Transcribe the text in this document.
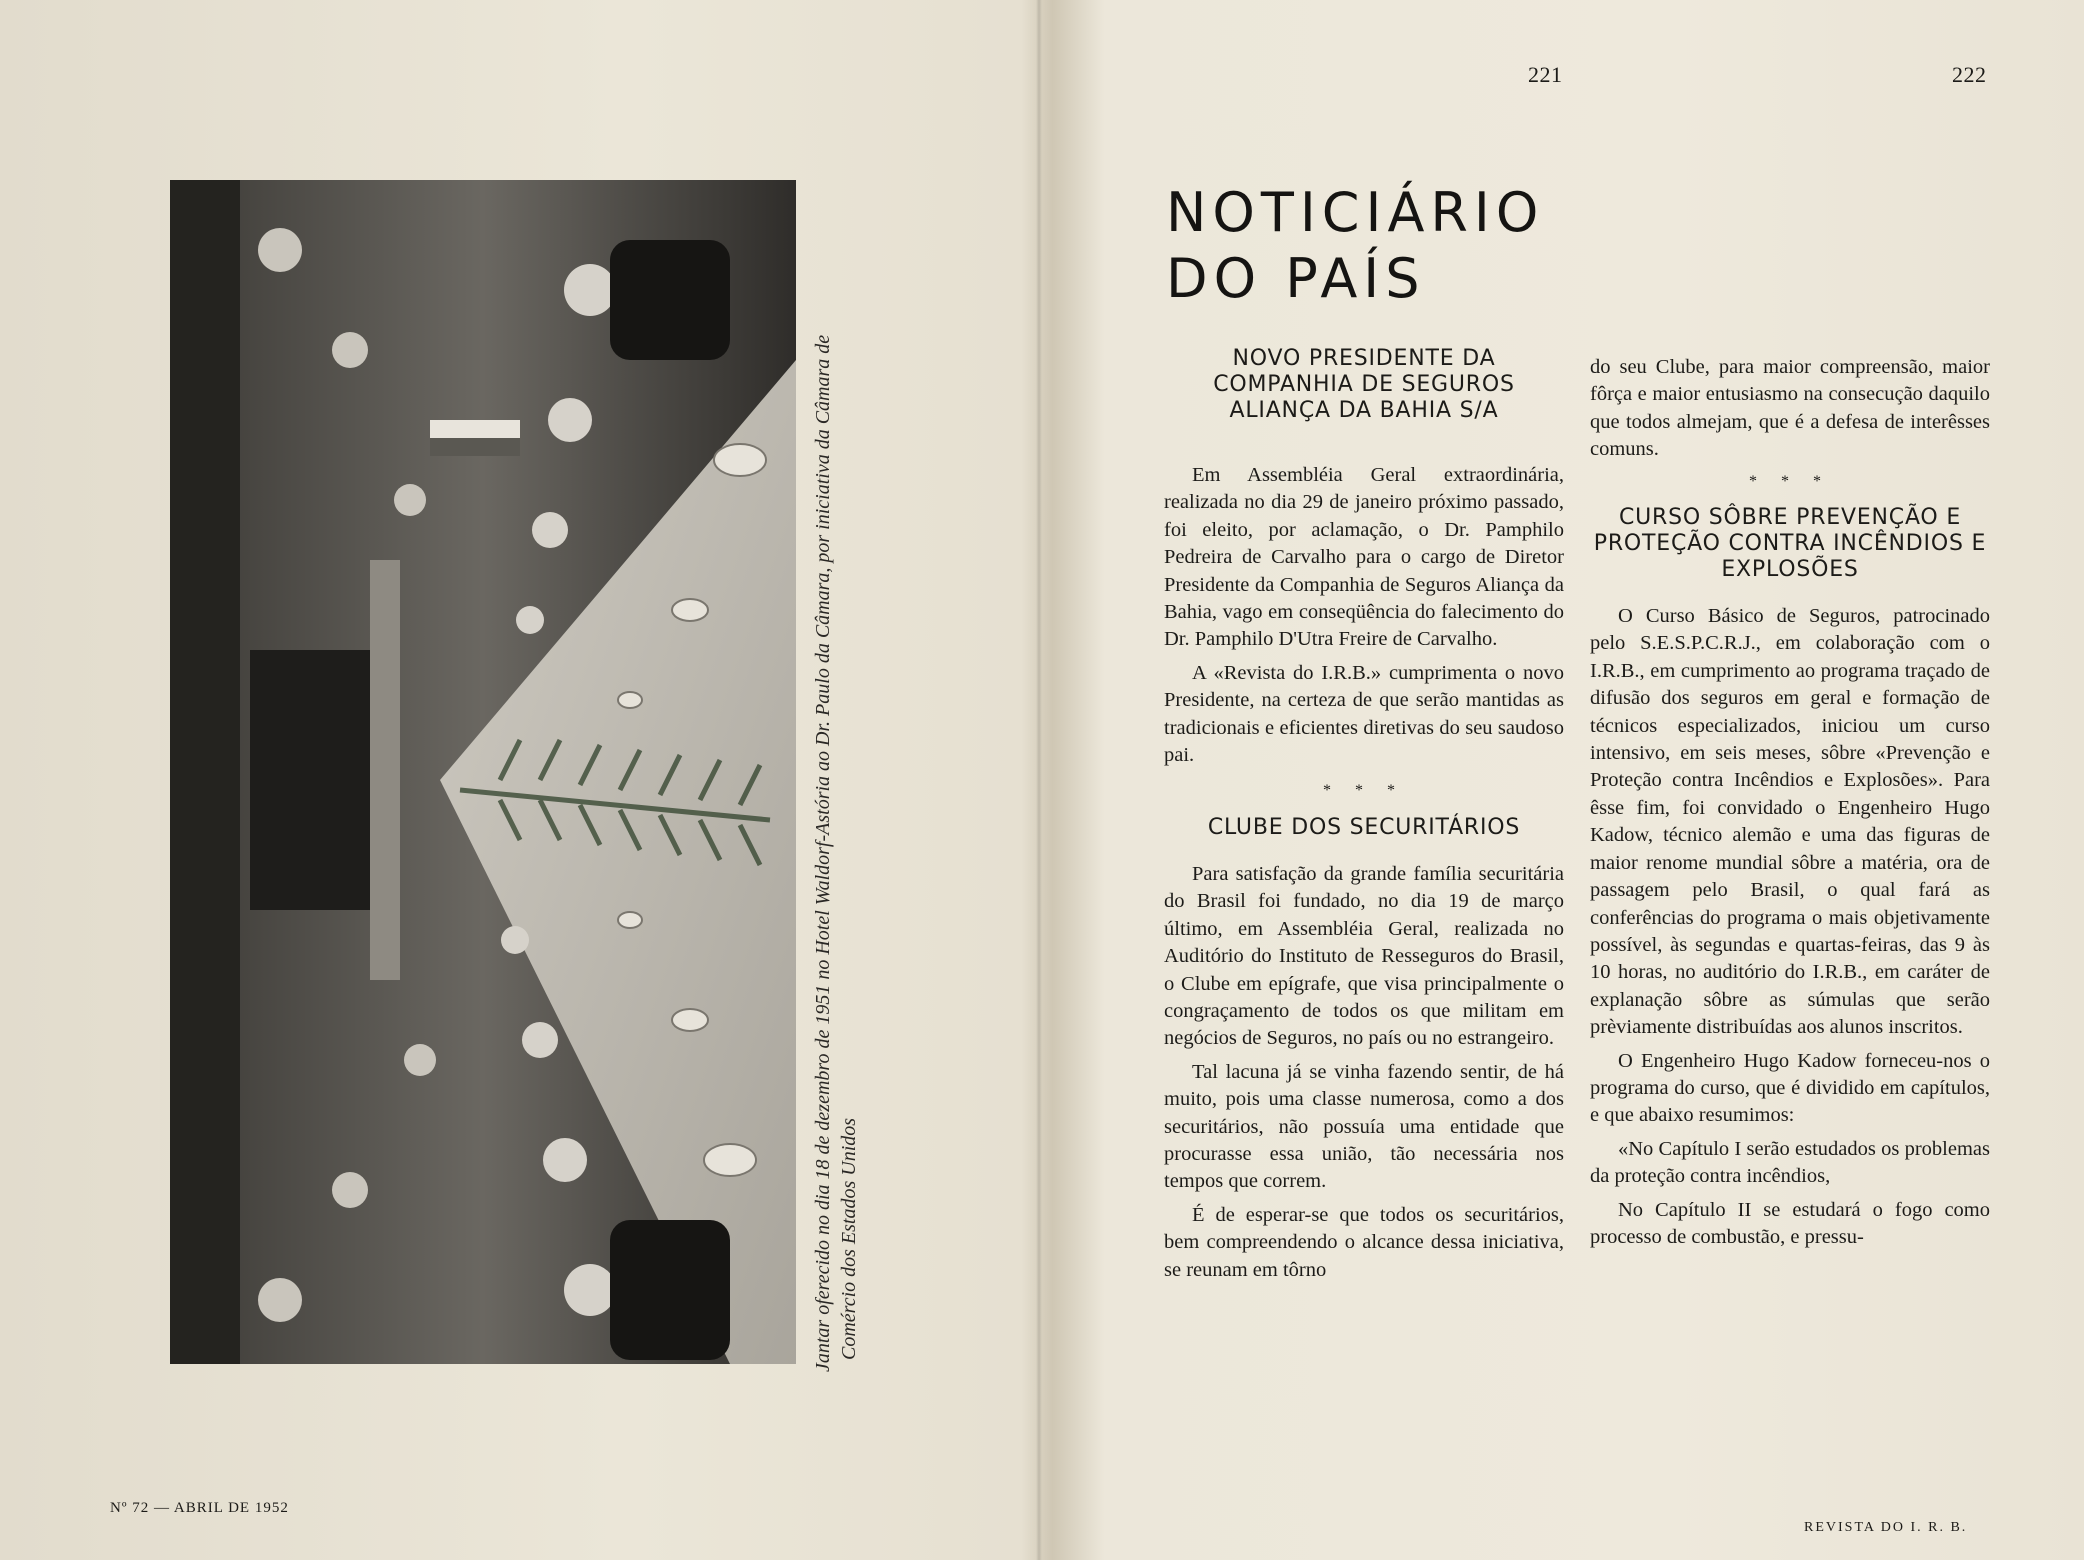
Jantar oferecido no dia 18 de dezembro de 1951 no Hotel Waldorf-Astória ao Dr. Paulo da Câmara, por iniciativa da Câmara de Comércio dos Estados Unidos
Nº 72 — ABRIL DE 1952
221	222
NOTICIÁRIO
DO PAÍS
NOVO PRESIDENTE DA COMPANHIA DE SEGUROS ALIANÇA DA BAHIA S/A

Em Assembléia Geral extraordinária, realizada no dia 29 de janeiro próximo passado, foi eleito, por aclamação, o Dr. Pamphilo Pedreira de Carvalho para o cargo de Diretor Presidente da Companhia de Seguros Aliança da Bahia, vago em conseqüência do falecimento do Dr. Pamphilo D'Utra Freire de Carvalho.

A «Revista do I.R.B.» cumprimenta o novo Presidente, na certeza de que serão mantidas as tradicionais e eficientes diretivas do seu saudoso pai.

* * *
CLUBE DOS SECURITÁRIOS

Para satisfação da grande família securitária do Brasil foi fundado, no dia 19 de março último, em Assembléia Geral, realizada no Auditório do Instituto de Resseguros do Brasil, o Clube em epígrafe, que visa principalmente o congraçamento de todos os que militam em negócios de Seguros, no país ou no estrangeiro.

Tal lacuna já se vinha fazendo sentir, de há muito, pois uma classe numerosa, como a dos securitários, não possuía uma entidade que procurasse essa união, tão necessária nos tempos que correm.

É de esperar-se que todos os securitários, bem compreendendo o alcance dessa iniciativa, se reunam em tôrno

do seu Clube, para maior compreensão, maior fôrça e maior entusiasmo na consecução daquilo que todos almejam, que é a defesa de interêsses comuns.

* * *
CURSO SÔBRE PREVENÇÃO E PROTEÇÃO CONTRA INCÊNDIOS E EXPLOSÕES

O Curso Básico de Seguros, patrocinado pelo S.E.S.P.C.R.J., em colaboração com o I.R.B., em cumprimento ao programa traçado de difusão dos seguros em geral e formação de técnicos especializados, iniciou um curso intensivo, em seis meses, sôbre «Prevenção e Proteção contra Incêndios e Explosões». Para êsse fim, foi convidado o Engenheiro Hugo Kadow, técnico alemão e uma das figuras de maior renome mundial sôbre a matéria, ora de passagem pelo Brasil, o qual fará as conferências do programa o mais objetivamente possível, às segundas e quartas-feiras, das 9 às 10 horas, no auditório do I.R.B., em caráter de explanação sôbre as súmulas que serão prèviamente distribuídas aos alunos inscritos.

O Engenheiro Hugo Kadow forneceu-nos o programa do curso, que é dividido em capítulos, e que abaixo resumimos:

«No Capítulo I serão estudados os problemas da proteção contra incêndios,

No Capítulo II se estudará o fogo como processo de combustão, e pressu-

REVISTA DO I. R. B.
